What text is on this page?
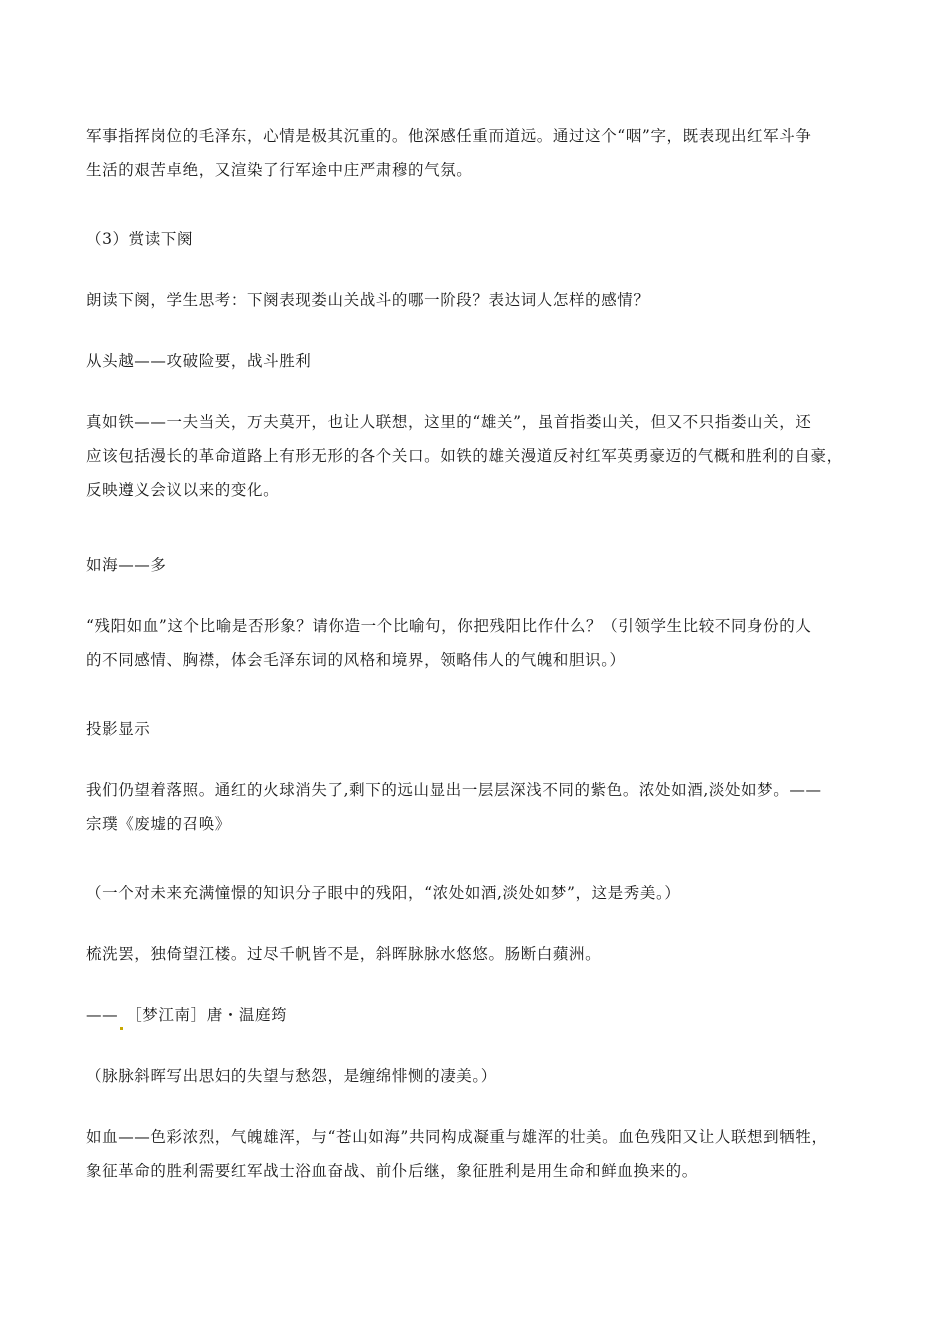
军事指挥岗位的毛泽东，心情是极其沉重的。他深感任重而道远。通过这个“咽”字，既表现出红军斗争
生活的艰苦卓绝，又渲染了行军途中庄严肃穆的气氛。

（3）赏读下阕

朗读下阕，学生思考：下阕表现娄山关战斗的哪一阶段？表达词人怎样的感情？

从头越——攻破险要，战斗胜利

真如铁——一夫当关，万夫莫开，也让人联想，这里的“雄关”，虽首指娄山关，但又不只指娄山关，还
应该包括漫长的革命道路上有形无形的各个关口。如铁的雄关漫道反衬红军英勇豪迈的气概和胜利的自豪，
反映遵义会议以来的变化。

如海——多

“残阳如血”这个比喻是否形象？请你造一个比喻句，你把残阳比作什么？（引领学生比较不同身份的人
的不同感情、胸襟，体会毛泽东词的风格和境界，领略伟人的气魄和胆识。）

投影显示

我们仍望着落照。通红的火球消失了,剩下的远山显出一层层深浅不同的紫色。浓处如酒,淡处如梦。——
宗璞《废墟的召唤》

（一个对未来充满憧憬的知识分子眼中的残阳，“浓处如酒,淡处如梦”，这是秀美。）

梳洗罢，独倚望江楼。过尽千帆皆不是，斜晖脉脉水悠悠。肠断白蘋洲。

—— ［梦江南］唐・温庭筠

（脉脉斜晖写出思妇的失望与愁怨，是缠绵悱恻的凄美。）

如血——色彩浓烈，气魄雄浑，与“苍山如海”共同构成凝重与雄浑的壮美。血色残阳又让人联想到牺牲，
象征革命的胜利需要红军战士浴血奋战、前仆后继，象征胜利是用生命和鲜血换来的。
